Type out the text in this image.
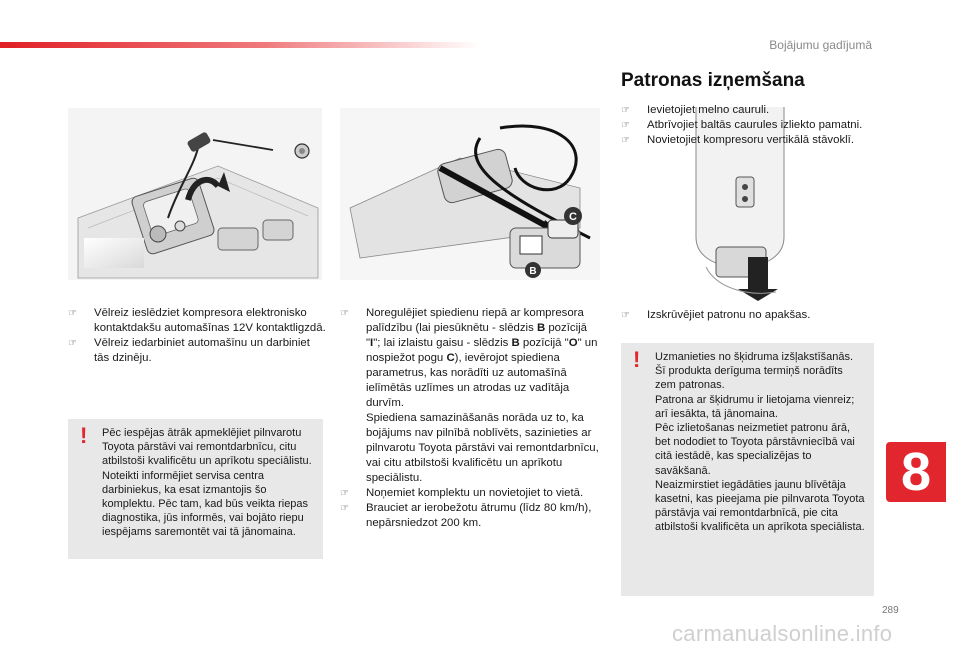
Bojājumu gadījumā
C
B
Patronas izņemšana
☞ Ievietojiet melno cauruli.
☞ Atbrīvojiet baltās caurules izliekto pamatni.
☞ Novietojiet kompresoru vertikālā stāvoklī.
☞ Vēlreiz ieslēdziet kompresora elektronisko kontaktdakšu automašīnas 12V kontaktligzdā.
☞ Vēlreiz iedarbiniet automašīnu un darbiniet tās dzinēju.
☞ Noregulējiet spiedienu riepā ar kompresora palīdzību (lai piesūknētu - slēdzis B pozīcijā "I"; lai izlaistu gaisu - slēdzis B pozīcijā "O" un nospiežot pogu C), ievērojot spiediena parametrus, kas norādīti uz automašīnā ielīmētās uzlīmes un atrodas uz vadītāja durvīm.
Spiediena samazināšanās norāda uz to, ka bojājums nav pilnībā noblīvēts, sazinieties ar pilnvarotu Toyota pārstāvi vai remontdarbnīcu, vai citu atbilstoši kvalificētu un aprīkotu speciālistu.
☞ Noņemiet komplektu un novietojiet to vietā.
☞ Brauciet ar ierobežotu ātrumu (līdz 80 km/h), nepārsniedzot 200 km.
☞ Izskrūvējiet patronu no apakšas.
! Pēc iespējas ātrāk apmeklējiet pilnvarotu Toyota pārstāvi vai remontdarbnīcu, citu atbilstoši kvalificētu un aprīkotu speciālistu.

Noteikti informējiet servisa centra darbiniekus, ka esat izmantojis šo komplektu. Pēc tam, kad būs veikta riepas diagnostika, jūs informēs, vai bojāto riepu iespējams saremontēt vai tā jānomaina.

! Uzmanieties no šķidruma izšļakstīšanās.

Šī produkta derīguma termiņš norādīts zem patronas.

Patrona ar šķidrumu ir lietojama vienreiz; arī iesākta, tā jānomaina.

Pēc izlietošanas neizmetiet patronu ārā, bet nododiet to Toyota pārstāvniecībā vai citā iestādē, kas specializējas to savākšanā.

Neaizmirstiet iegādāties jaunu blīvētāja kasetni, kas pieejama pie pilnvarota Toyota pārstāvja vai remontdarbnīcā, pie cita atbilstoši kvalificēta un aprīkota speciālista.

8
289
carmanualsonline.info
